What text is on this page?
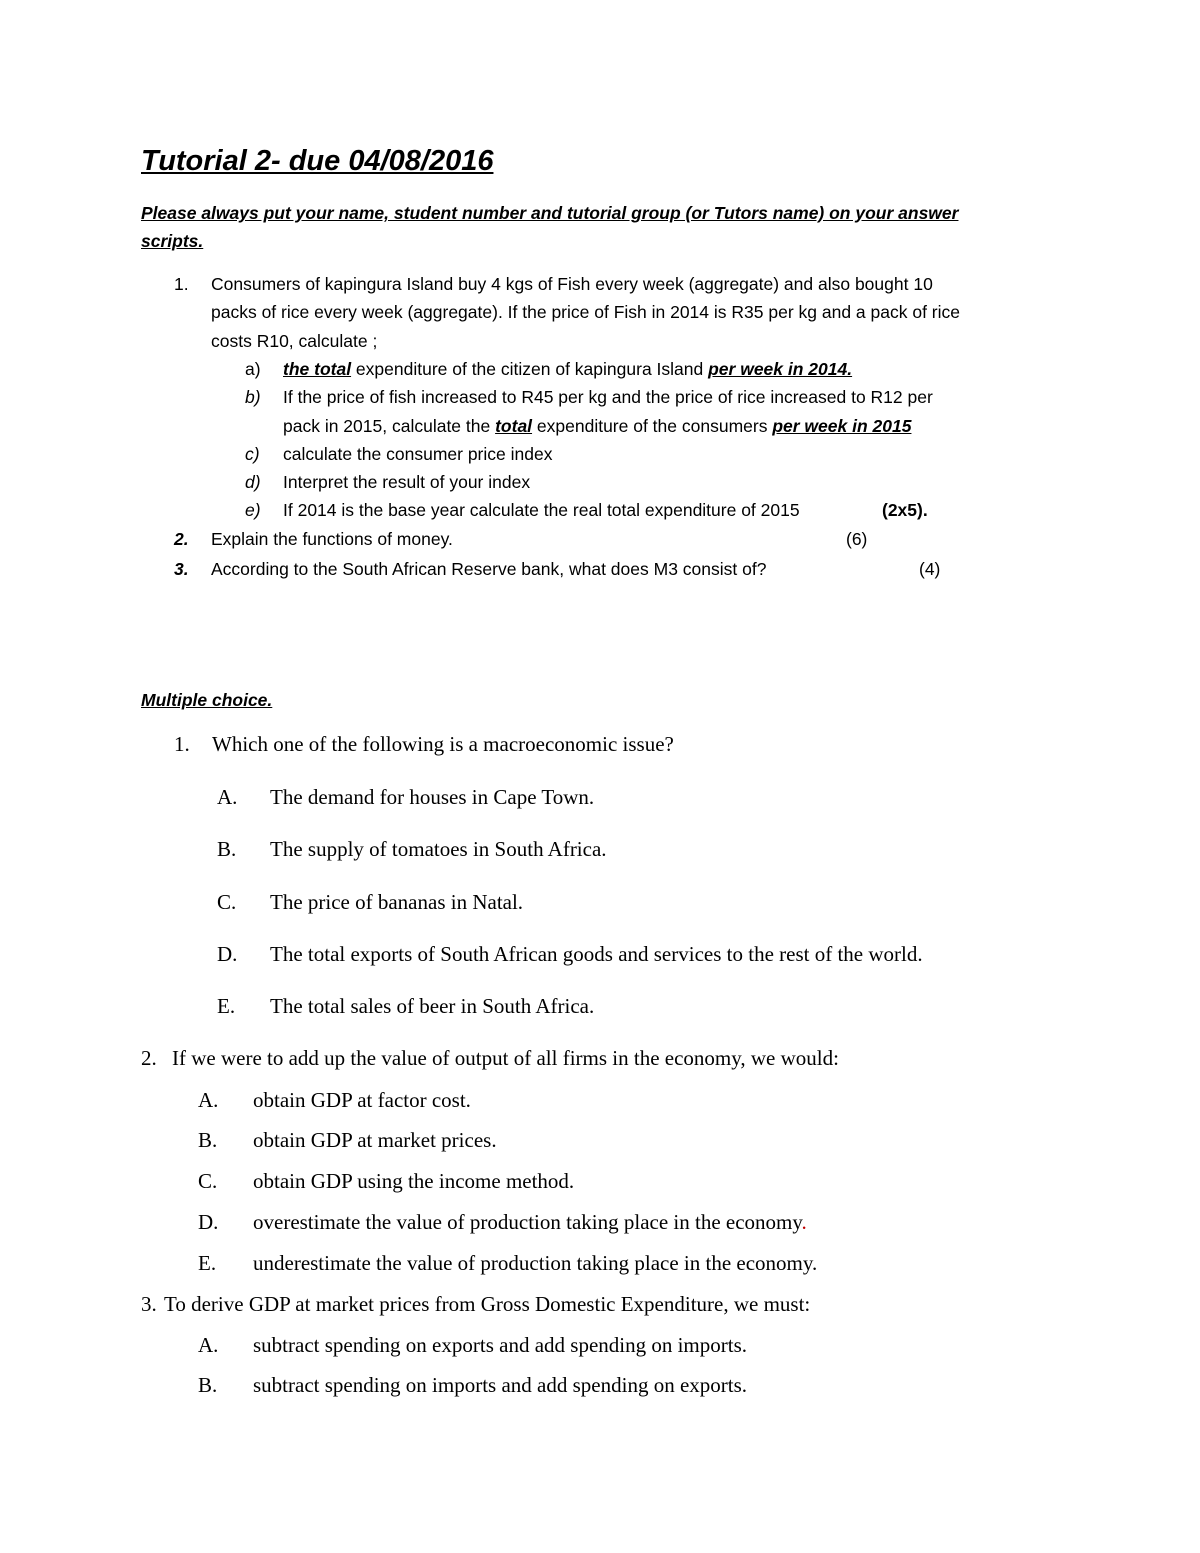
Tutorial 2- due 04/08/2016
Please always put your name, student number and tutorial group (or Tutors name) on your answer
scripts.
1. Consumers of kapingura Island buy 4 kgs of Fish every week (aggregate) and also bought 10
packs of rice every week (aggregate). If the price of Fish in 2014 is R35 per kg and a pack of rice
costs R10, calculate ;
a) the total expenditure of the citizen of kapingura Island per week in 2014.
b) If the price of fish increased to R45 per kg and the price of rice increased to R12 per
pack in 2015, calculate the total expenditure of the consumers per week in 2015
c) calculate the consumer price index
d) Interpret the result of your index
e) If 2014 is the base year calculate the real total expenditure of 2015	(2x5).
2. Explain the functions of money.	(6)
3. According to the South African Reserve bank, what does M3 consist of?	(4)
Multiple choice.
1. Which one of the following is a macroeconomic issue?
A. The demand for houses in Cape Town.
B. The supply of tomatoes in South Africa.
C. The price of bananas in Natal.
D. The total exports of South African goods and services to the rest of the world.
E. The total sales of beer in South Africa.
2. If we were to add up the value of output of all firms in the economy, we would:
A. obtain GDP at factor cost.
B. obtain GDP at market prices.
C. obtain GDP using the income method.
D. overestimate the value of production taking place in the economy.
E. underestimate the value of production taking place in the economy.
3. To derive GDP at market prices from Gross Domestic Expenditure, we must:
A. subtract spending on exports and add spending on imports.
B. subtract spending on imports and add spending on exports.
